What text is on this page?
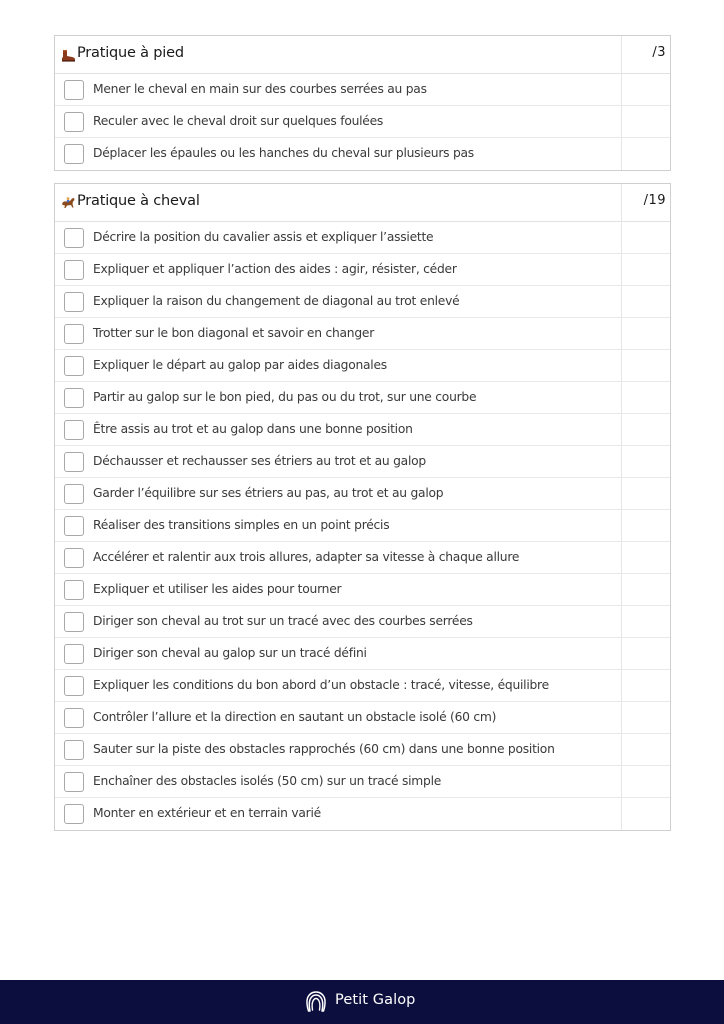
Pratique à pied	/3
Mener le cheval en main sur des courbes serrées au pas
Reculer avec le cheval droit sur quelques foulées
Déplacer les épaules ou les hanches du cheval sur plusieurs pas
Pratique à cheval	/19
Décrire la position du cavalier assis et expliquer l’assiette
Expliquer et appliquer l’action des aides : agir, résister, céder
Expliquer la raison du changement de diagonal au trot enlevé
Trotter sur le bon diagonal et savoir en changer
Expliquer le départ au galop par aides diagonales
Partir au galop sur le bon pied, du pas ou du trot, sur une courbe
Être assis au trot et au galop dans une bonne position
Déchausser et rechausser ses étriers au trot et au galop
Garder l’équilibre sur ses étriers au pas, au trot et au galop
Réaliser des transitions simples en un point précis
Accélérer et ralentir aux trois allures, adapter sa vitesse à chaque allure
Expliquer et utiliser les aides pour tourner
Diriger son cheval au trot sur un tracé avec des courbes serrées
Diriger son cheval au galop sur un tracé défini
Expliquer les conditions du bon abord d’un obstacle : tracé, vitesse, équilibre
Contrôler l’allure et la direction en sautant un obstacle isolé (60 cm)
Sauter sur la piste des obstacles rapprochés (60 cm) dans une bonne position
Enchaîner des obstacles isolés (50 cm) sur un tracé simple
Monter en extérieur et en terrain varié
Petit Galop
